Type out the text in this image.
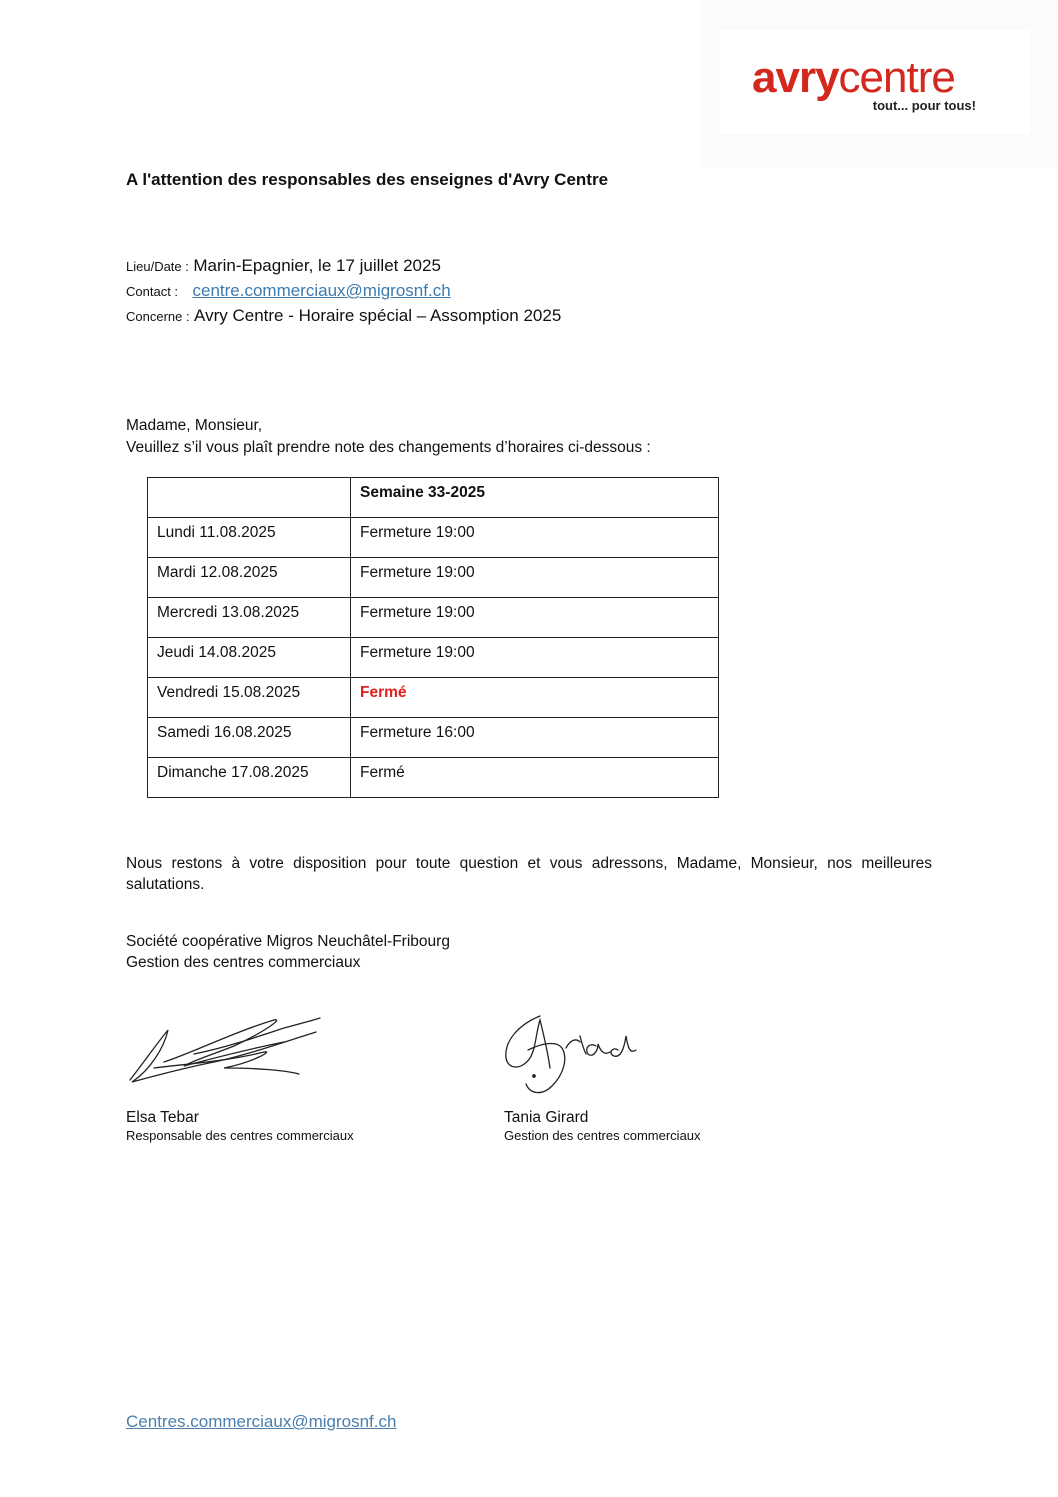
avrycentre
tout... pour tous!
A l'attention des responsables des enseignes d'Avry Centre
Lieu/Date : Marin-Epagnier, le 17 juillet 2025
Contact : centre.commerciaux@migrosnf.ch
Concerne : Avry Centre - Horaire spécial – Assomption 2025
Madame, Monsieur,
Veuillez s’il vous plaît prendre note des changements d’horaires ci-dessous :
	Semaine 33-2025
Lundi 11.08.2025	Fermeture 19:00
Mardi 12.08.2025	Fermeture 19:00
Mercredi 13.08.2025	Fermeture 19:00
Jeudi 14.08.2025	Fermeture 19:00
Vendredi 15.08.2025	Fermé
Samedi 16.08.2025	Fermeture 16:00
Dimanche 17.08.2025	Fermé
Nous restons à votre disposition pour toute question et vous adressons, Madame, Monsieur, nos meilleures salutations.
Société coopérative Migros Neuchâtel-Fribourg
Gestion des centres commerciaux
Elsa Tebar
Responsable des centres commerciaux
Tania Girard
Gestion des centres commerciaux
Centres.commerciaux@migrosnf.ch
